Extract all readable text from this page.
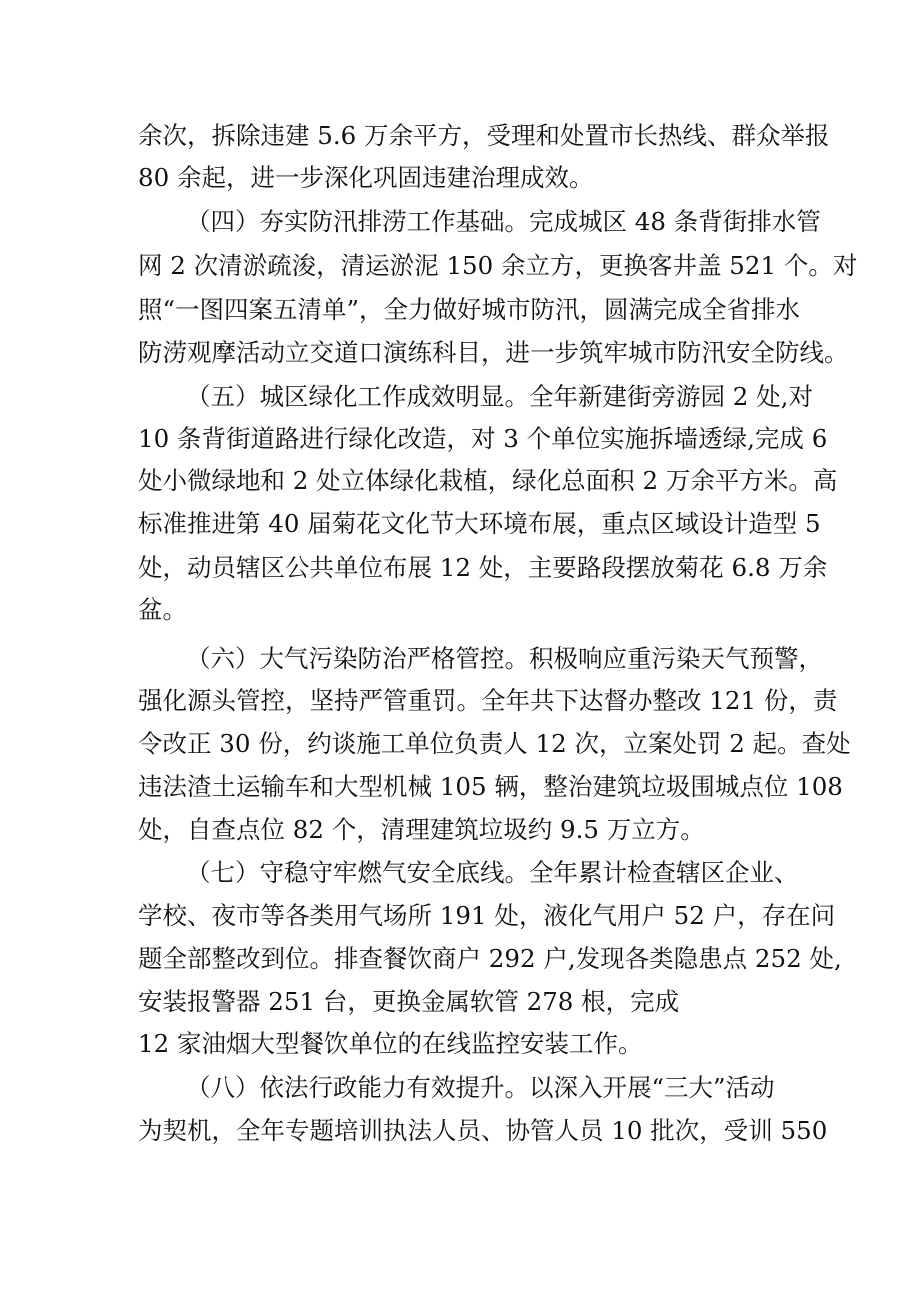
余次，拆除违建 5.6 万余平方，受理和处置市长热线、群众举报
80 余起，进一步深化巩固违建治理成效。
（四）夯实防汛排涝工作基础。完成城区 48 条背街排水管
网 2 次清淤疏浚，清运淤泥 150 余立方，更换客井盖 521 个。对
照“一图四案五清单”，全力做好城市防汛，圆满完成全省排水
防涝观摩活动立交道口演练科目，进一步筑牢城市防汛安全防线。
（五）城区绿化工作成效明显。全年新建街旁游园 2 处,对
10 条背街道路进行绿化改造，对 3 个单位实施拆墙透绿,完成 6
处小微绿地和 2 处立体绿化栽植，绿化总面积 2 万余平方米。高
标准推进第 40 届菊花文化节大环境布展，重点区域设计造型 5
处，动员辖区公共单位布展 12 处，主要路段摆放菊花 6.8 万余
盆。
（六）大气污染防治严格管控。积极响应重污染天气预警，
强化源头管控，坚持严管重罚。全年共下达督办整改 121 份，责
令改正 30 份，约谈施工单位负责人 12 次，立案处罚 2 起。查处
违法渣土运输车和大型机械 105 辆，整治建筑垃圾围城点位 108
处，自查点位 82 个，清理建筑垃圾约 9.5 万立方。
（七）守稳守牢燃气安全底线。全年累计检查辖区企业、
学校、夜市等各类用气场所 191 处，液化气用户 52 户，存在问
题全部整改到位。排查餐饮商户 292 户,发现各类隐患点 252 处,
安装报警器 251 台，更换金属软管 278 根，完成
12 家油烟大型餐饮单位的在线监控安装工作。
（八）依法行政能力有效提升。以深入开展“三大”活动
为契机，全年专题培训执法人员、协管人员 10 批次，受训 550
